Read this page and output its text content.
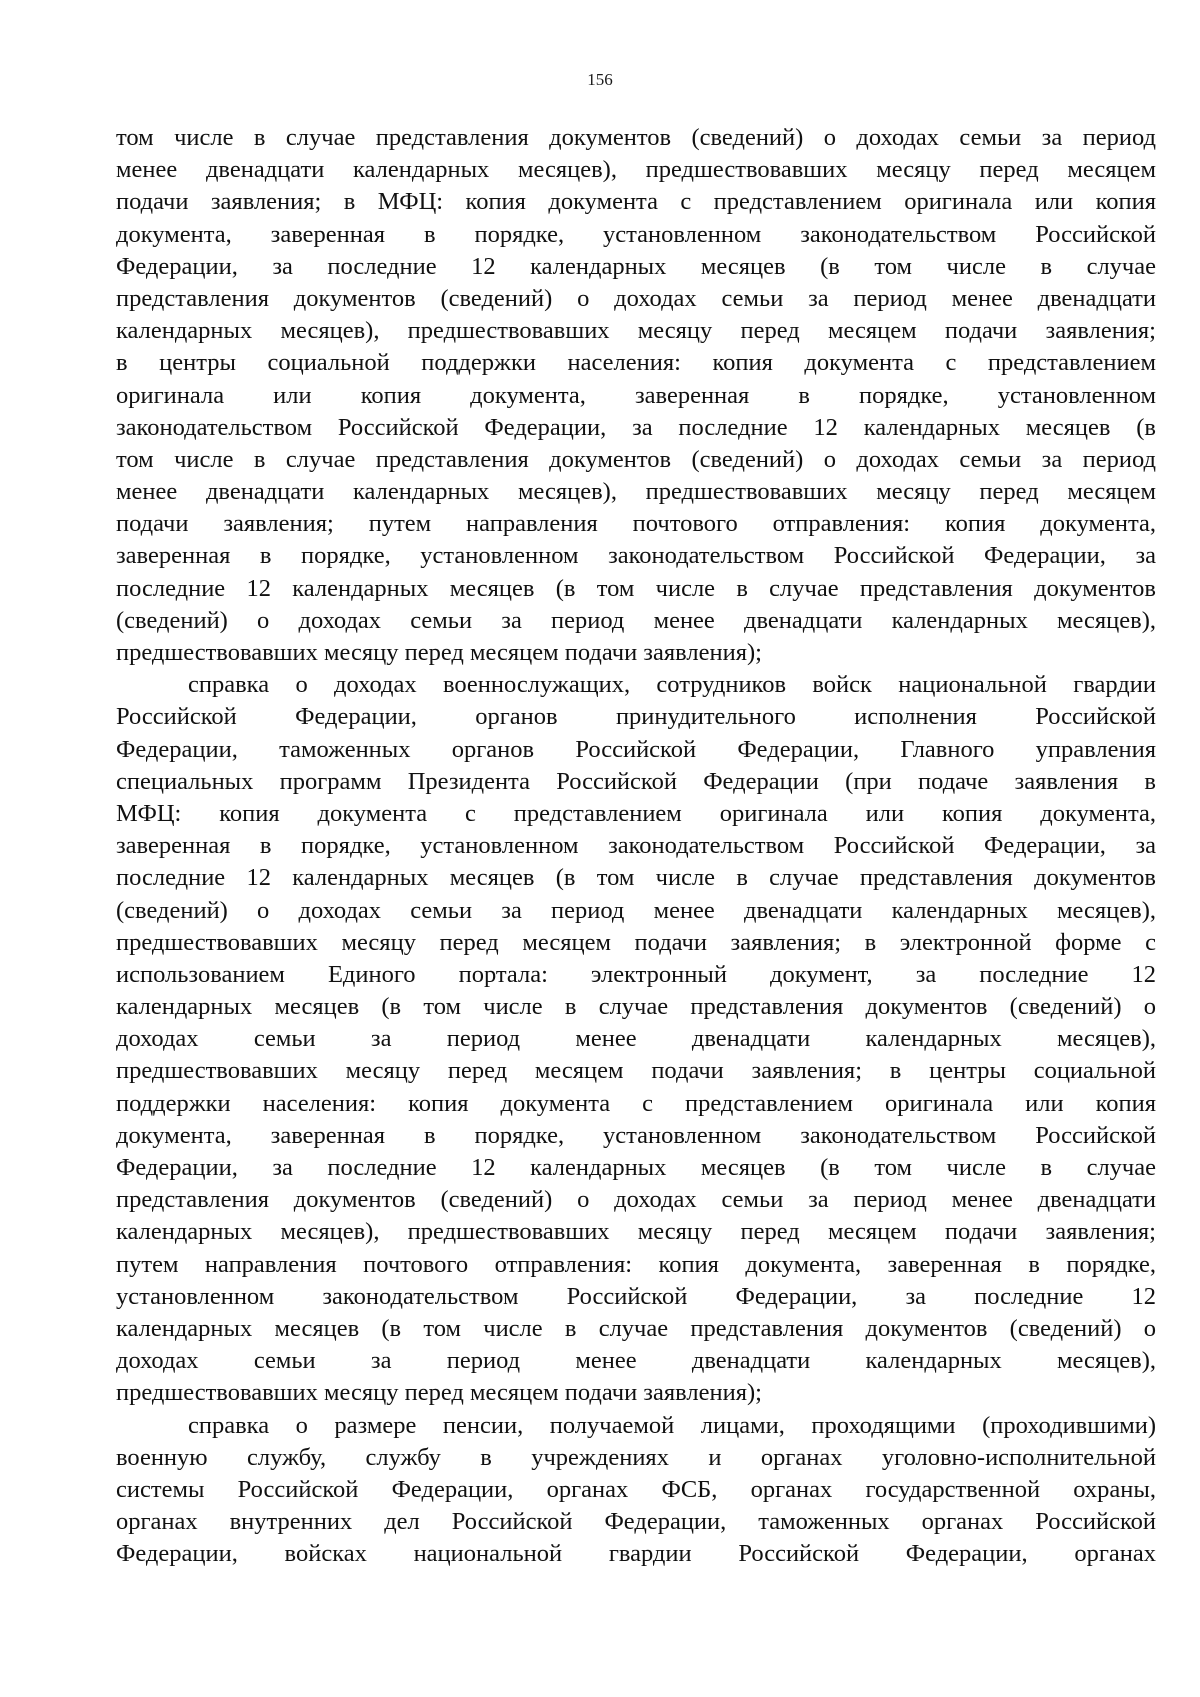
156
том числе в случае представления документов (сведений) о доходах семьи за период
менее двенадцати календарных месяцев), предшествовавших месяцу перед месяцем
подачи заявления; в МФЦ: копия документа с представлением оригинала или копия
документа, заверенная в порядке, установленном законодательством Российской
Федерации, за последние 12 календарных месяцев (в том числе в случае
представления документов (сведений) о доходах семьи за период менее двенадцати
календарных месяцев), предшествовавших месяцу перед месяцем подачи заявления;
в центры социальной поддержки населения: копия документа с представлением
оригинала или копия документа, заверенная в порядке, установленном
законодательством Российской Федерации, за последние 12 календарных месяцев (в
том числе в случае представления документов (сведений) о доходах семьи за период
менее двенадцати календарных месяцев), предшествовавших месяцу перед месяцем
подачи заявления; путем направления почтового отправления: копия документа,
заверенная в порядке, установленном законодательством Российской Федерации, за
последние 12 календарных месяцев (в том числе в случае представления документов
(сведений) о доходах семьи за период менее двенадцати календарных месяцев),
предшествовавших месяцу перед месяцем подачи заявления);
справка о доходах военнослужащих, сотрудников войск национальной гвардии
Российской Федерации, органов принудительного исполнения Российской
Федерации, таможенных органов Российской Федерации, Главного управления
специальных программ Президента Российской Федерации (при подаче заявления в
МФЦ: копия документа с представлением оригинала или копия документа,
заверенная в порядке, установленном законодательством Российской Федерации, за
последние 12 календарных месяцев (в том числе в случае представления документов
(сведений) о доходах семьи за период менее двенадцати календарных месяцев),
предшествовавших месяцу перед месяцем подачи заявления; в электронной форме с
использованием Единого портала: электронный документ, за последние 12
календарных месяцев (в том числе в случае представления документов (сведений) о
доходах семьи за период менее двенадцати календарных месяцев),
предшествовавших месяцу перед месяцем подачи заявления; в центры социальной
поддержки населения: копия документа с представлением оригинала или копия
документа, заверенная в порядке, установленном законодательством Российской
Федерации, за последние 12 календарных месяцев (в том числе в случае
представления документов (сведений) о доходах семьи за период менее двенадцати
календарных месяцев), предшествовавших месяцу перед месяцем подачи заявления;
путем направления почтового отправления: копия документа, заверенная в порядке,
установленном законодательством Российской Федерации, за последние 12
календарных месяцев (в том числе в случае представления документов (сведений) о
доходах семьи за период менее двенадцати календарных месяцев),
предшествовавших месяцу перед месяцем подачи заявления);
справка о размере пенсии, получаемой лицами, проходящими (проходившими)
военную службу, службу в учреждениях и органах уголовно-исполнительной
системы Российской Федерации, органах ФСБ, органах государственной охраны,
органах внутренних дел Российской Федерации, таможенных органах Российской
Федерации, войсках национальной гвардии Российской Федерации, органах
